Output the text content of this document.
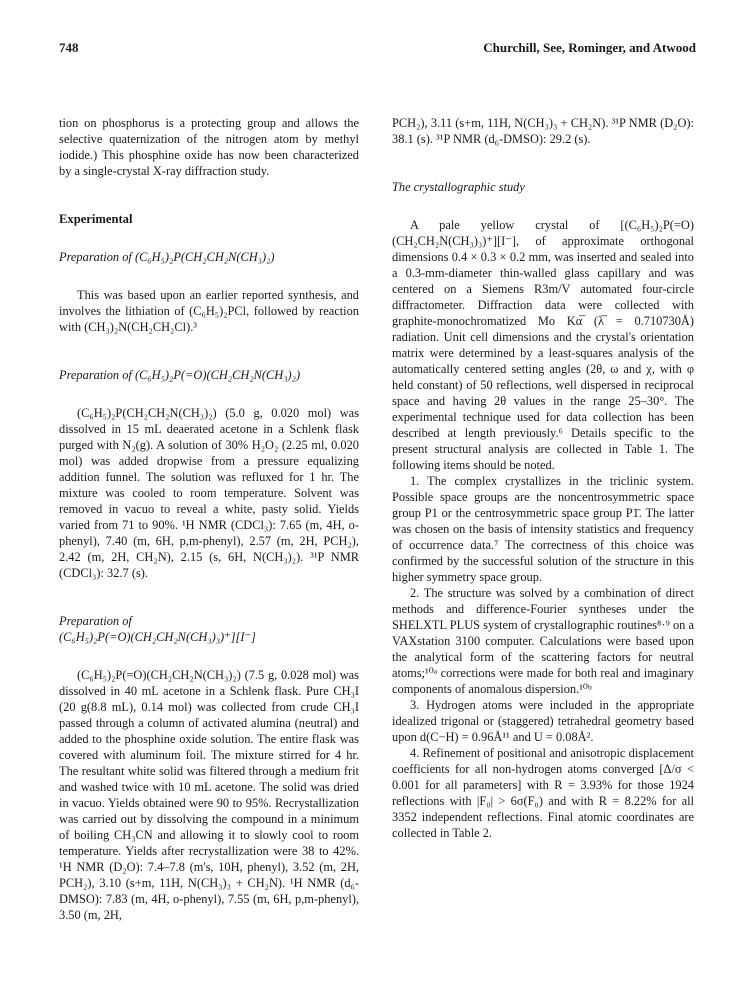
748	Churchill, See, Rominger, and Atwood

tion on phosphorus is a protecting group and allows the selective quaternization of the nitrogen atom by methyl iodide.) This phosphine oxide has now been characterized by a single-crystal X-ray diffraction study.

Experimental
Preparation of (C₆H₅)₂P(CH₂CH₂N(CH₃)₂)

This was based upon an earlier reported synthesis, and involves the lithiation of (C₆H₅)₂PCl, followed by reaction with (CH₃)₂N(CH₂CH₂Cl).³

Preparation of (C₆H₅)₂P(=O)(CH₂CH₂N(CH₃)₂)

(C₆H₅)₂P(CH₂CH₂N(CH₃)₂) (5.0 g, 0.020 mol) was dissolved in 15 mL deaerated acetone in a Schlenk flask purged with N₂(g). A solution of 30% H₂O₂ (2.25 ml, 0.020 mol) was added dropwise from a pressure equalizing addition funnel. The solution was refluxed for 1 hr. The mixture was cooled to room temperature. Solvent was removed in vacuo to reveal a white, pasty solid. Yields varied from 71 to 90%. ¹H NMR (CDCl₃): 7.65 (m, 4H, o-phenyl), 7.40 (m, 6H, p,m-phenyl), 2.57 (m, 2H, PCH₂), 2.42 (m, 2H, CH₂N), 2.15 (s, 6H, N(CH₃)₂). ³¹P NMR (CDCl₃): 32.7 (s).

Preparation of
(C₆H₅)₂P(=O)(CH₂CH₂N(CH₃)₃)⁺][I⁻]

(C₆H₅)₂P(=O)(CH₂CH₂N(CH₃)₂) (7.5 g, 0.028 mol) was dissolved in 40 mL acetone in a Schlenk flask. Pure CH₃I (20 g(8.8 mL), 0.14 mol) was collected from crude CH₃I passed through a column of activated alumina (neutral) and added to the phosphine oxide solution. The entire flask was covered with aluminum foil. The mixture stirred for 4 hr. The resultant white solid was filtered through a medium frit and washed twice with 10 mL acetone. The solid was dried in vacuo. Yields obtained were 90 to 95%. Recrystallization was carried out by dissolving the compound in a minimum of boiling CH₃CN and allowing it to slowly cool to room temperature. Yields after recrystallization were 38 to 42%. ¹H NMR (D₂O): 7.4–7.8 (m's, 10H, phenyl), 3.52 (m, 2H, PCH₂), 3.10 (s+m, 11H, N(CH₃)₃ + CH₂N). ¹H NMR (d₆-DMSO): 7.83 (m, 4H, o-phenyl), 7.55 (m, 6H, p,m-phenyl), 3.50 (m, 2H,

PCH₂), 3.11 (s+m, 11H, N(CH₃)₃ + CH₂N). ³¹P NMR (D₂O): 38.1 (s). ³¹P NMR (d₆-DMSO): 29.2 (s).

The crystallographic study

A pale yellow crystal of [(C₆H₅)₂P(=O) (CH₂CH₂N(CH₃)₃)⁺][I⁻], of approximate orthogonal dimensions 0.4 × 0.3 × 0.2 mm, was inserted and sealed into a 0.3-mm-diameter thin-walled glass capillary and was centered on a Siemens R3m/V automated four-circle diffractometer. Diffraction data were collected with graphite-monochromatized Mo Kα̅ (λ̅ = 0.710730Å) radiation. Unit cell dimensions and the crystal's orientation matrix were determined by a least-squares analysis of the automatically centered setting angles (2θ, ω and χ, with φ held constant) of 50 reflections, well dispersed in reciprocal space and having 2θ values in the range 25–30°. The experimental technique used for data collection has been described at length previously.⁶ Details specific to the present structural analysis are collected in Table 1. The following items should be noted.

1. The complex crystallizes in the triclinic system. Possible space groups are the noncentrosymmetric space group P1 or the centrosymmetric space group P1̄. The latter was chosen on the basis of intensity statistics and frequency of occurrence data.⁷ The correctness of this choice was confirmed by the successful solution of the structure in this higher symmetry space group.

2. The structure was solved by a combination of direct methods and difference-Fourier syntheses under the SHELXTL PLUS system of crystallographic routines⁸·⁹ on a VAXstation 3100 computer. Calculations were based upon the analytical form of the scattering factors for neutral atoms;¹⁰ᵃ corrections were made for both real and imaginary components of anomalous dispersion.¹⁰ᵇ

3. Hydrogen atoms were included in the appropriate idealized trigonal or (staggered) tetrahedral geometry based upon d(C−H) = 0.96Å¹¹ and U = 0.08Å².

4. Refinement of positional and anisotropic displacement coefficients for all non-hydrogen atoms converged [Δ/σ < 0.001 for all parameters] with R = 3.93% for those 1924 reflections with |F₀| > 6σ(F₀) and with R = 8.22% for all 3352 independent reflections. Final atomic coordinates are collected in Table 2.
